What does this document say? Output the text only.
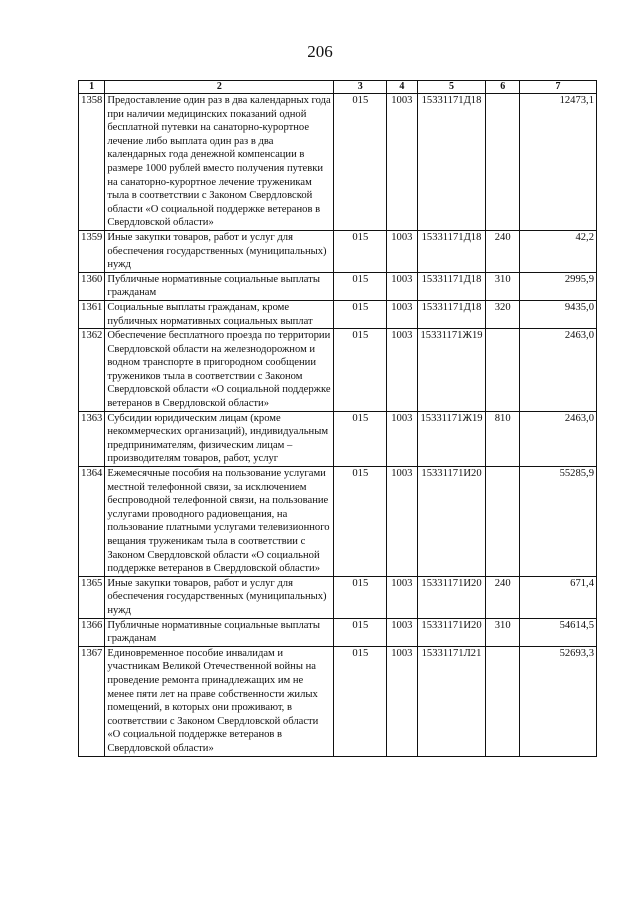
206
1	2	3	4	5	6	7
1358	Предоставление один раз в два календарных года при наличии медицинских показаний одной бесплатной путевки на санаторно-курортное лечение либо выплата один раз в два календарных года денежной компенсации в размере 1000 рублей вместо получения путевки на санаторно-курортное лечение труженикам тыла в соответствии с Законом Свердловской области «О социальной поддержке ветеранов в Свердловской области»	015	1003	15331171Д18		12473,1
1359	Иные закупки товаров, работ и услуг для обеспечения государственных (муниципальных) нужд	015	1003	15331171Д18	240	42,2
1360	Публичные нормативные социальные выплаты гражданам	015	1003	15331171Д18	310	2995,9
1361	Социальные выплаты гражданам, кроме публичных нормативных социальных выплат	015	1003	15331171Д18	320	9435,0
1362	Обеспечение бесплатного проезда по территории Свердловской области на железнодорожном и водном транспорте в пригородном сообщении тружеников тыла в соответствии с Законом Свердловской области «О социальной поддержке ветеранов в Свердловской области»	015	1003	15331171Ж19		2463,0
1363	Субсидии юридическим лицам (кроме некоммерческих организаций), индивидуальным предпринимателям, физическим лицам – производителям товаров, работ, услуг	015	1003	15331171Ж19	810	2463,0
1364	Ежемесячные пособия на пользование услугами местной телефонной связи, за исключением беспроводной телефонной связи, на пользование услугами проводного радиовещания, на пользование платными услугами телевизионного вещания труженикам тыла в соответствии с Законом Свердловской области «О социальной поддержке ветеранов в Свердловской области»	015	1003	15331171И20		55285,9
1365	Иные закупки товаров, работ и услуг для обеспечения государственных (муниципальных) нужд	015	1003	15331171И20	240	671,4
1366	Публичные нормативные социальные выплаты гражданам	015	1003	15331171И20	310	54614,5
1367	Единовременное пособие инвалидам и участникам Великой Отечественной войны на проведение ремонта принадлежащих им не менее пяти лет на праве собственности жилых помещений, в которых они проживают, в соответствии с Законом Свердловской области «О социальной поддержке ветеранов в Свердловской области»	015	1003	15331171Л21		52693,3
